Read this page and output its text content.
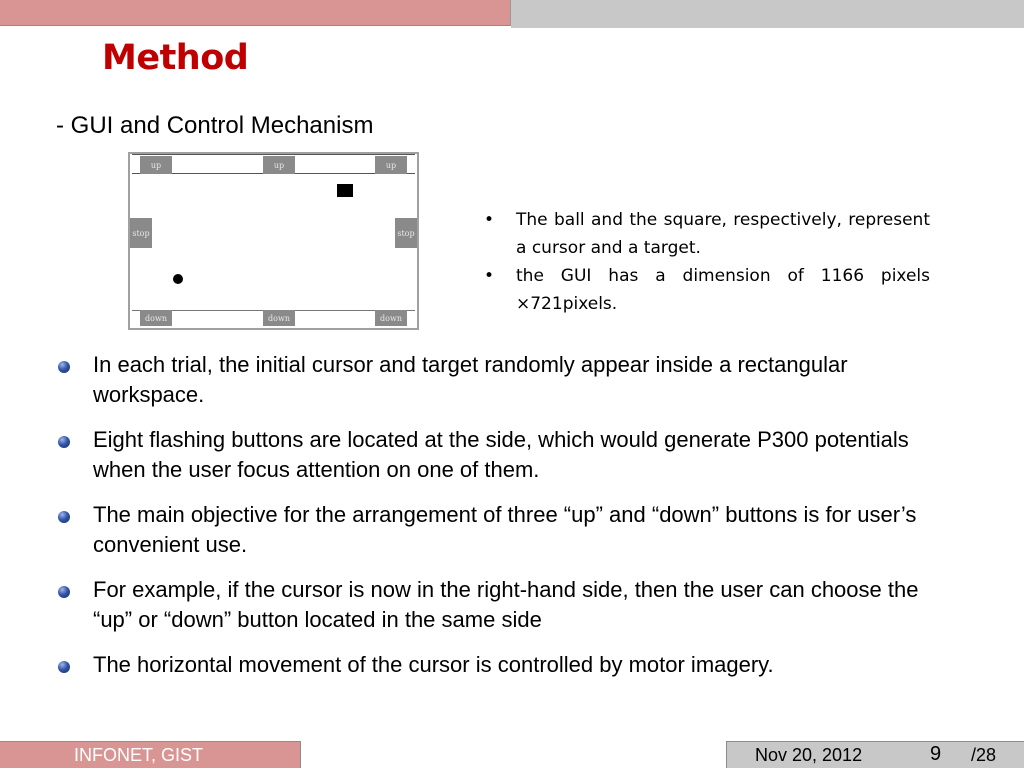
Method
- GUI and Control Mechanism
up	up	up
stop	stop
down	down	down
• The ball and the square, respectively, represent a cursor and a target.
• the GUI has a dimension of 1166 pixels ×721pixels.
In each trial, the initial cursor and target randomly appear inside a rectangular workspace.
Eight flashing buttons are located at the side, which would generate P300 potentials when the user focus attention on one of them.
The main objective for the arrangement of three “up” and “down” buttons is for user’s convenient use.
For example, if the cursor is now in the right-hand side, then the user can choose the “up” or “down” button located in the same side
The horizontal movement of the cursor is controlled by motor imagery.
INFONET, GIST	Nov 20, 2012	9 /28
